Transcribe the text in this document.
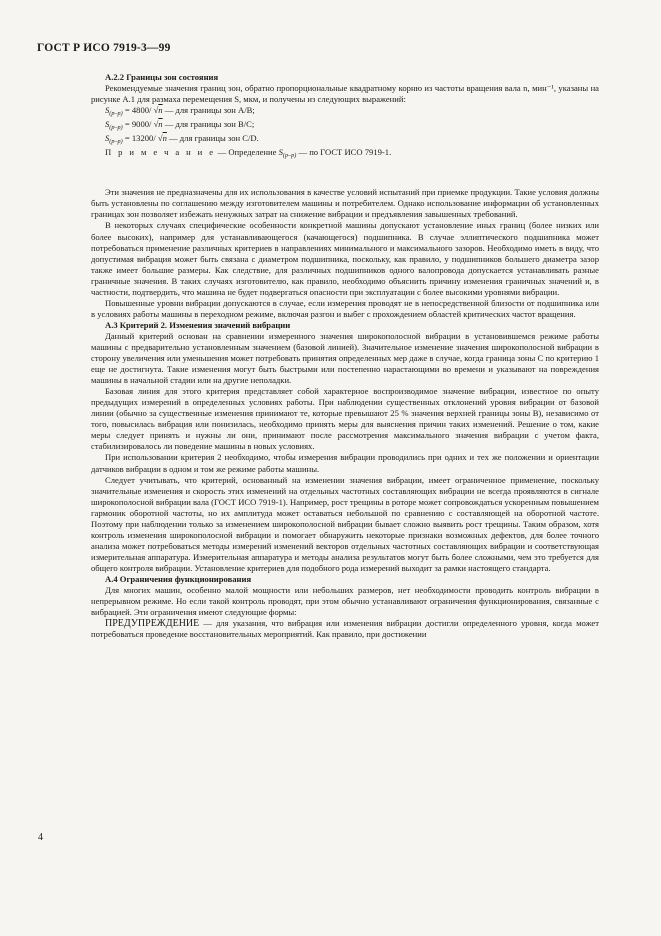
ГОСТ Р ИСО 7919-3—99

А.2.2 Границы зон состояния

Рекомендуемые значения границ зон, обратно пропорциональные квадратному корню из частоты вращения вала n, мин⁻¹, указаны на рисунке А.1 для размаха перемещения S, мкм, и получены из следующих выражений:

$S_{(p-p)} = 4800/$ √n — для границы зон А/В;

$S_{(p-p)} = 9000/$ √n — для границы зон В/С;

$S_{(p-p)} = 13200/$ √n — для границы зон С/D.

П р и м е ч а н и е — Определение $S_{(p-p)}$ — по ГОСТ ИСО 7919-1.

Эти значения не предназначены для их использования в качестве условий испытаний при приемке продукции. Такие условия должны быть установлены по соглашению между изготовителем машины и потребителем. Однако использование информации об установленных границах зон позволяет избежать ненужных затрат на снижение вибрации и предъявления завышенных требований.

В некоторых случаях специфические особенности конкретной машины допускают установление иных границ (более низких или более высоких), например для устанавливающегося (качающегося) подшипника. В случае эллиптического подшипника может потребоваться применение различных критериев в направлениях минимального и максимального зазоров. Необходимо иметь в виду, что допустимая вибрация может быть связана с диаметром подшипника, поскольку, как правило, у подшипников большего диаметра зазор также имеет большие размеры. Как следствие, для различных подшипников одного валопровода допускается устанавливать разные граничные значения. В таких случаях изготовителю, как правило, необходимо объяснить причину изменения граничных значений и, в частности, подтвердить, что машина не будет подвергаться опасности при эксплуатации с более высокими уровнями вибрации.

Повышенные уровни вибрации допускаются в случае, если измерения проводят не в непосредственной близости от подшипника или в условиях работы машины в переходном режиме, включая разгон и выбег с прохождением областей критических частот вращения.

А.3 Критерий 2. Изменения значений вибрации

Данный критерий основан на сравнении измеренного значения широкополосной вибрации в установившемся режиме работы машины с предварительно установленным значением (базовой линией). Значительное изменение значения широкополосной вибрации в сторону увеличения или уменьшения может потребовать принятия определенных мер даже в случае, когда граница зоны С по критерию 1 еще не достигнута. Такие изменения могут быть быстрыми или постепенно нарастающими во времени и указывают на повреждения машины в начальной стадии или на другие неполадки.

Базовая линия для этого критерия представляет собой характерное воспроизводимое значение вибрации, известное по опыту предыдущих измерений в определенных условиях работы. При наблюдении существенных отклонений уровня вибрации от базовой линии (обычно за существенные изменения принимают те, которые превышают 25 % значения верхней границы зоны В), независимо от того, повысилась вибрация или понизилась, необходимо принять меры для выяснения причин таких изменений. Решение о том, какие меры следует принять и нужны ли они, принимают после рассмотрения максимального значения вибрации с учетом факта, стабилизировалось ли поведение машины в новых условиях.

При использовании критерия 2 необходимо, чтобы измерения вибрации проводились при одних и тех же положении и ориентации датчиков вибрации в одном и том же режиме работы машины.

Следует учитывать, что критерий, основанный на изменении значения вибрации, имеет ограниченное применение, поскольку значительные изменения и скорость этих изменений на отдельных частотных составляющих вибрации не всегда проявляются в сигнале широкополосной вибрации вала (ГОСТ ИСО 7919-1). Например, рост трещины в роторе может сопровождаться ускоренным повышением гармоник оборотной частоты, но их амплитуда может оставаться небольшой по сравнению с составляющей на оборотной частоте. Поэтому при наблюдении только за изменением широкополосной вибрации бывает сложно выявить рост трещины. Таким образом, хотя контроль изменения широкополосной вибрации и помогает обнаружить некоторые признаки возможных дефектов, для более точного анализа может потребоваться методы измерений изменений векторов отдельных частотных составляющих вибрации и соответствующая измерительная аппаратура. Измерительная аппаратура и методы анализа результатов могут быть более сложными, чем это требуется для общего контроля вибрации. Установление критериев для подобного рода измерений выходит за рамки настоящего стандарта.

А.4 Ограничения функционирования

Для многих машин, особенно малой мощности или небольших размеров, нет необходимости проводить контроль вибрации в непрерывном режиме. Но если такой контроль проводят, при этом обычно устанавливают ограничения функционирования, связанные с вибрацией. Эти ограничения имеют следующие формы:

ПРЕДУПРЕЖДЕНИЕ — для указания, что вибрация или изменения вибрации достигли определенного уровня, когда может потребоваться проведение восстановительных мероприятий. Как правило, при достижении

4
